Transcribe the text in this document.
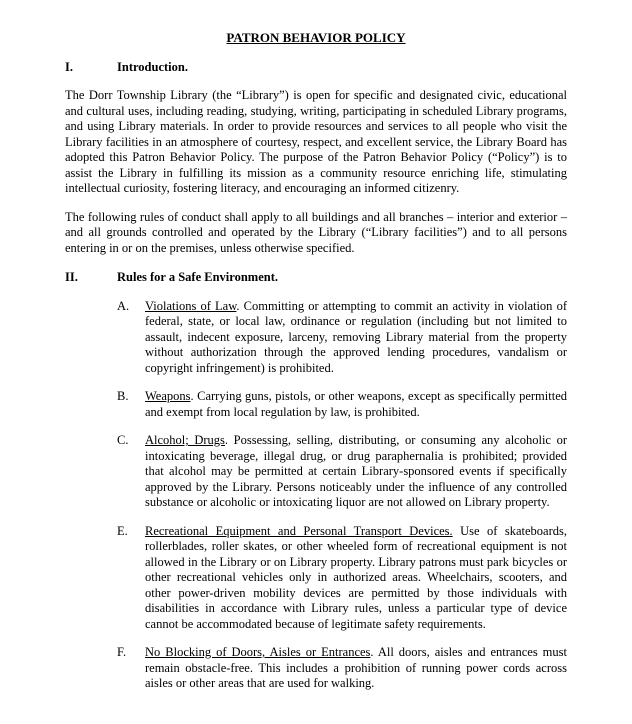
PATRON BEHAVIOR POLICY
I.	Introduction.

The Dorr Township Library (the “Library”) is open for specific and designated civic, educational and cultural uses, including reading, studying, writing, participating in scheduled Library programs, and using Library materials. In order to provide resources and services to all people who visit the Library facilities in an atmosphere of courtesy, respect, and excellent service, the Library Board has adopted this Patron Behavior Policy. The purpose of the Patron Behavior Policy (“Policy”) is to assist the Library in fulfilling its mission as a community resource enriching life, stimulating intellectual curiosity, fostering literacy, and encouraging an informed citizenry.

The following rules of conduct shall apply to all buildings and all branches – interior and exterior – and all grounds controlled and operated by the Library (“Library facilities”) and to all persons entering in or on the premises, unless otherwise specified.

II.	Rules for a Safe Environment.
A.	Violations of Law. Committing or attempting to commit an activity in violation of federal, state, or local law, ordinance or regulation (including but not limited to assault, indecent exposure, larceny, removing Library material from the property without authorization through the approved lending procedures, vandalism or copyright infringement) is prohibited.

B.	Weapons. Carrying guns, pistols, or other weapons, except as specifically permitted and exempt from local regulation by law, is prohibited.

C.	Alcohol; Drugs. Possessing, selling, distributing, or consuming any alcoholic or intoxicating beverage, illegal drug, or drug paraphernalia is prohibited; provided that alcohol may be permitted at certain Library-sponsored events if specifically approved by the Library. Persons noticeably under the influence of any controlled substance or alcoholic or intoxicating liquor are not allowed on Library property.

E.	Recreational Equipment and Personal Transport Devices. Use of skateboards, rollerblades, roller skates, or other wheeled form of recreational equipment is not allowed in the Library or on Library property. Library patrons must park bicycles or other recreational vehicles only in authorized areas. Wheelchairs, scooters, and other power-driven mobility devices are permitted by those individuals with disabilities in accordance with Library rules, unless a particular type of device cannot be accommodated because of legitimate safety requirements.

F.	No Blocking of Doors, Aisles or Entrances. All doors, aisles and entrances must remain obstacle-free. This includes a prohibition of running power cords across aisles or other areas that are used for walking.
